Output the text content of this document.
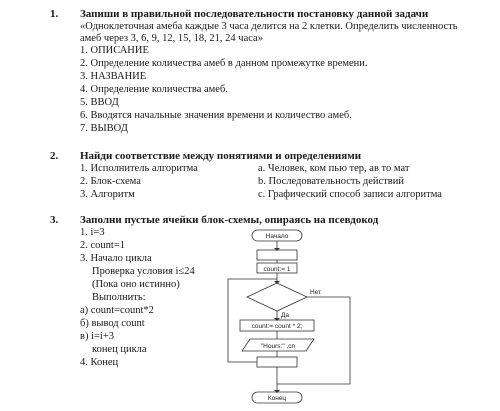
1. Запиши в правильной последовательности постановку данной задачи
«Одноклеточная амеба каждые 3 часа делится на 2 клетки. Определить численность
амеб через 3, 6, 9, 12, 15, 18, 21, 24 часа»
1. ОПИСАНИЕ
2. Определение количества амеб в данном промежутке времени.
3. НАЗВАНИЕ
4. Определение количества амеб.
5. ВВОД
6. Вводятся начальные значения времени и количество амеб.
7. ВЫВОД
2. Найди соответствие между понятиями и определениями
1. Исполнитель алгоритма
2. Блок-схема
3. Алгоритм
a. Человек, ком пью тер, ав то мат
b. Последовательность действий
c. Графический способ записи алгоритма
3. Заполни пустые ячейки блок-схемы, опираясь на псевдокод
1. i=3
2. count=1
3. Начало цикла
Проверка условия i≤24
(Пока оно истинно)
Выполнить:
а) count=count*2
б) вывод count
в) i=i+3
конец цикла
4. Конец
Начало
count:= 1
Нет
Да
count:= count * 2;
"Hours:" ,cn
Конец
